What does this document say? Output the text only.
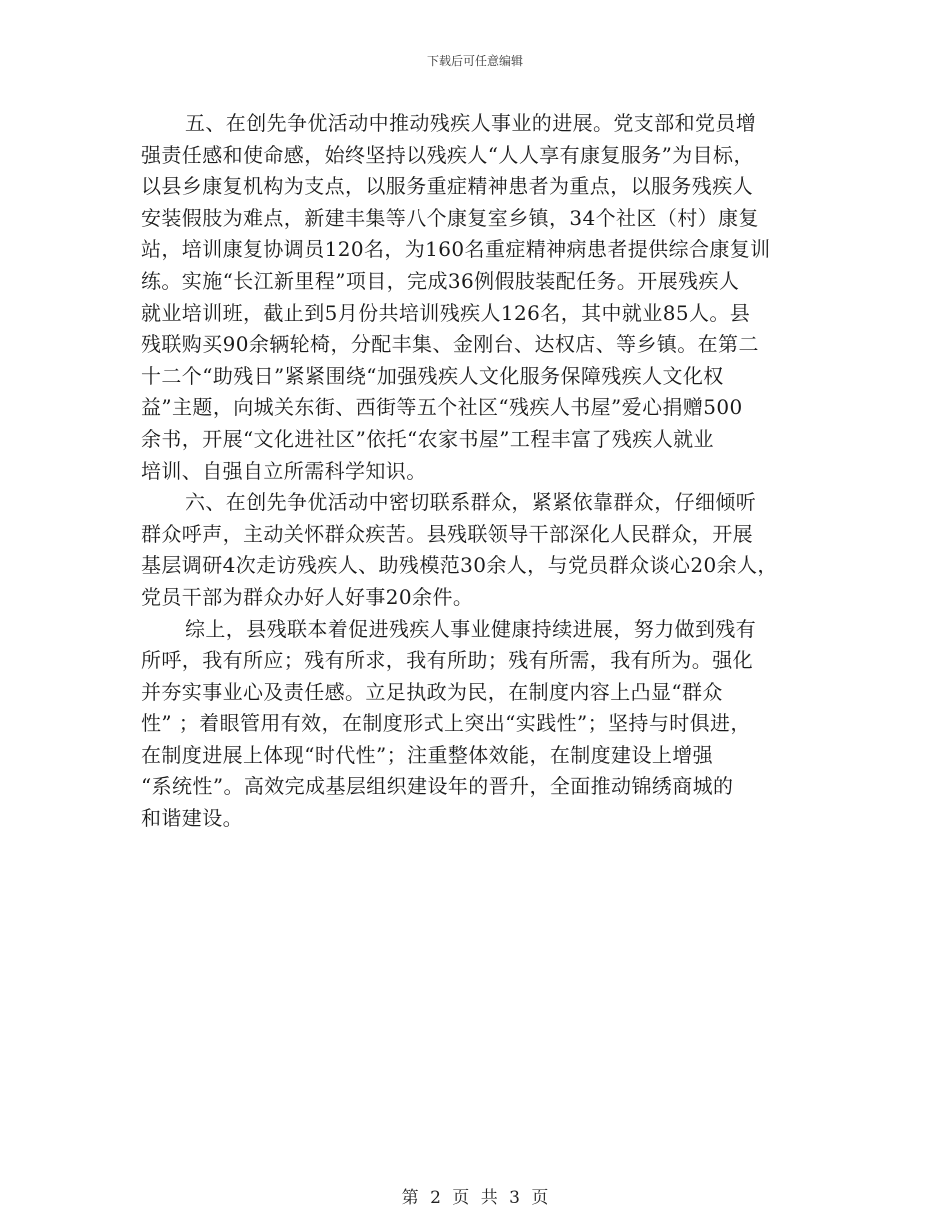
下载后可任意编辑

五、在创先争优活动中推动残疾人事业的进展。党支部和党员增
强责任感和使命感，始终坚持以残疾人“人人享有康复服务”为目标，
以县乡康复机构为支点，以服务重症精神患者为重点，以服务残疾人
安装假肢为难点，新建丰集等八个康复室乡镇，34个社区（村）康复
站，培训康复协调员120名，为160名重症精神病患者提供综合康复训
练。实施“长江新里程”项目，完成36例假肢装配任务。开展残疾人
就业培训班，截止到5月份共培训残疾人126名，其中就业85人。县
残联购买90余辆轮椅，分配丰集、金刚台、达权店、等乡镇。在第二
十二个“助残日”紧紧围绕“加强残疾人文化服务保障残疾人文化权
益”主题，向城关东街、西街等五个社区“残疾人书屋”爱心捐赠500
余书，开展“文化进社区”依托“农家书屋”工程丰富了残疾人就业
培训、自强自立所需科学知识。

六、在创先争优活动中密切联系群众，紧紧依靠群众，仔细倾听
群众呼声，主动关怀群众疾苦。县残联领导干部深化人民群众，开展
基层调研4次走访残疾人、助残模范30余人，与党员群众谈心20余人，
党员干部为群众办好人好事20余件。

综上，县残联本着促进残疾人事业健康持续进展，努力做到残有
所呼，我有所应；残有所求，我有所助；残有所需，我有所为。强化
并夯实事业心及责任感。立足执政为民，在制度内容上凸显“群众
性” ；着眼管用有效，在制度形式上突出“实践性”；坚持与时俱进，
在制度进展上体现“时代性”；注重整体效能，在制度建设上增强
“系统性”。高效完成基层组织建设年的晋升，全面推动锦绣商城的
和谐建设。

第 2 页 共 3 页
